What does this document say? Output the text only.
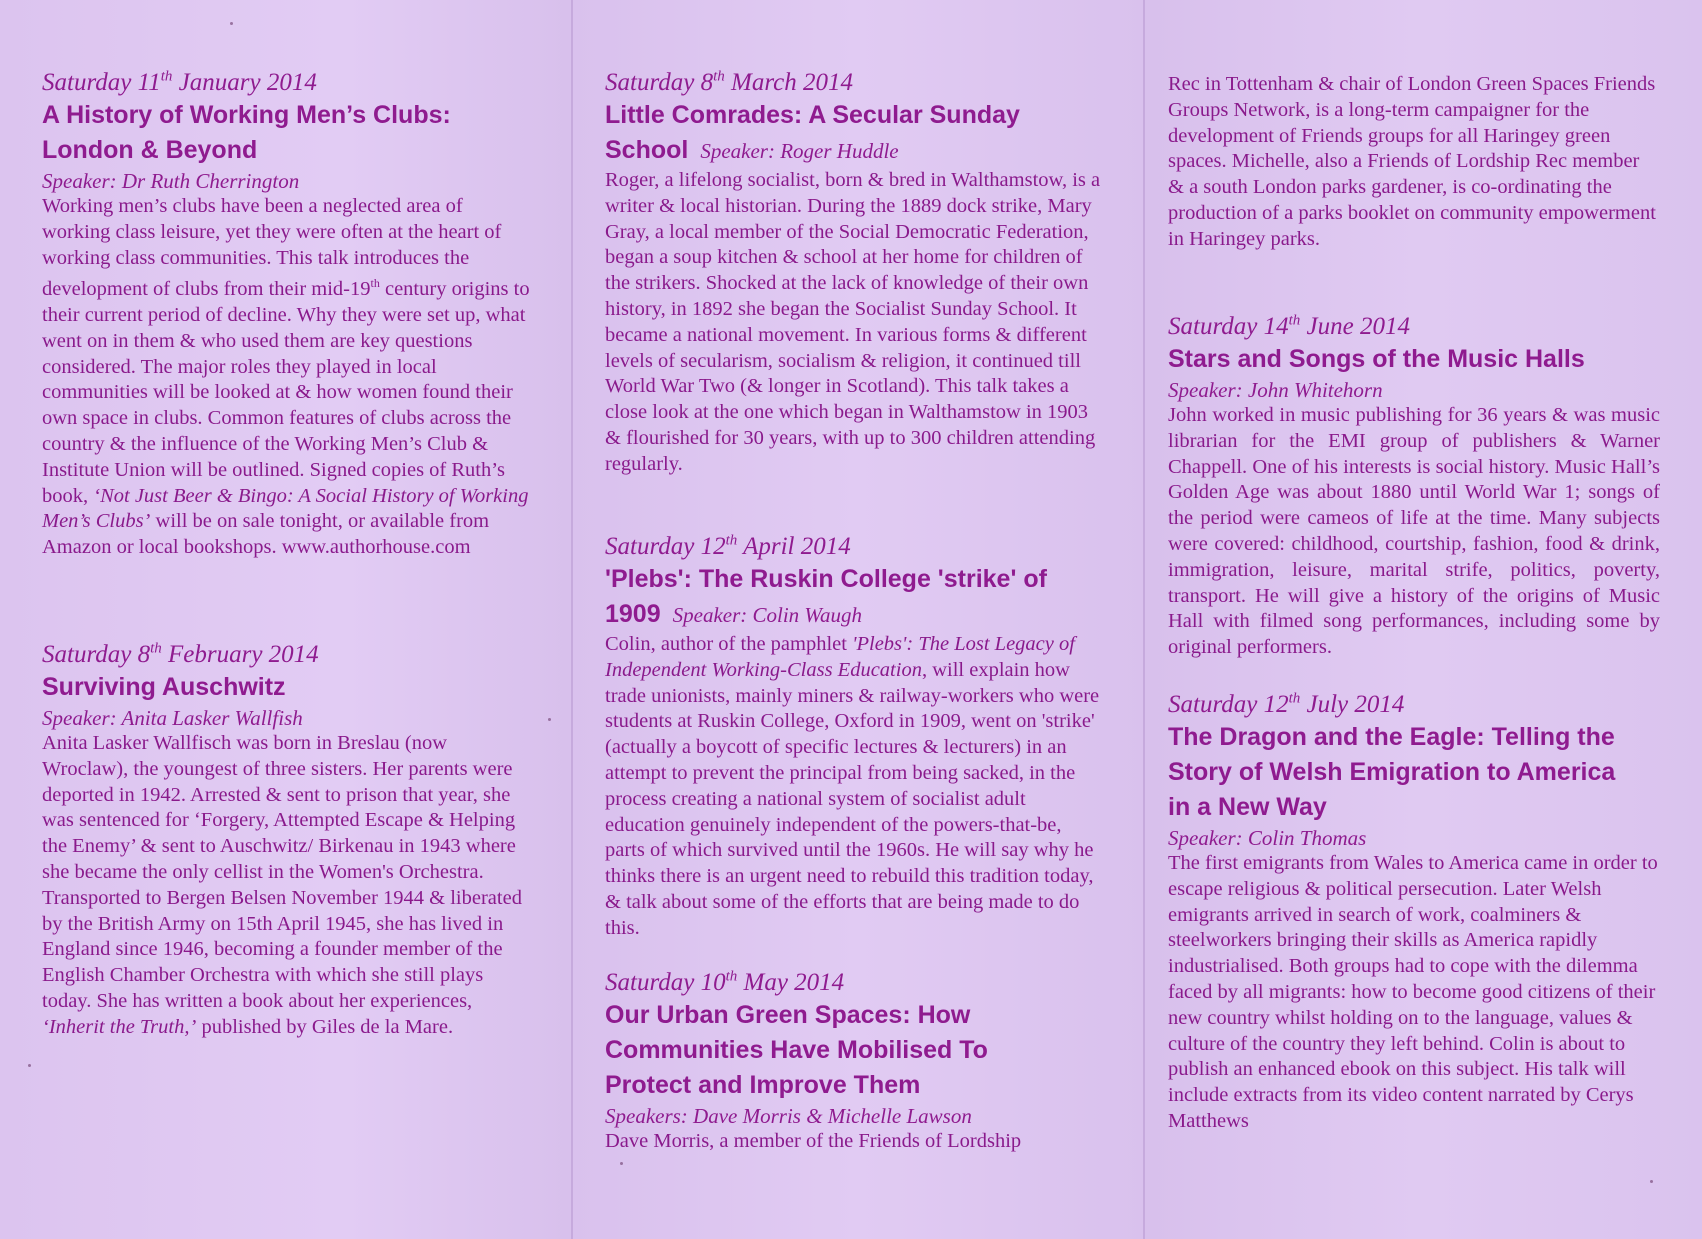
Saturday 11th January 2014

A History of Working Men’s Clubs: London & Beyond
Speaker: Dr Ruth Cherrington

Working men’s clubs have been a neglected area of working class leisure, yet they were often at the heart of working class communities. This talk introduces the development of clubs from their mid-19th century origins to their current period of decline. Why they were set up, what went on in them & who used them are key questions considered. The major roles they played in local communities will be looked at & how women found their own space in clubs. Common features of clubs across the country & the influence of the Working Men’s Club & Institute Union will be outlined. Signed copies of Ruth’s book, ‘Not Just Beer & Bingo: A Social History of Working Men’s Clubs’ will be on sale tonight, or available from Amazon or local bookshops. www.authorhouse.com

Saturday 8th February 2014

Surviving Auschwitz
Speaker: Anita Lasker Wallfish

Anita Lasker Wallfisch was born in Breslau (now Wroclaw), the youngest of three sisters. Her parents were deported in 1942. Arrested & sent to prison that year, she was sentenced for ‘Forgery, Attempted Escape & Helping the Enemy’ & sent to Auschwitz/ Birkenau in 1943 where she became the only cellist in the Women's Orchestra. Transported to Bergen Belsen November 1944 & liberated by the British Army on 15th April 1945, she has lived in England since 1946, becoming a founder member of the English Chamber Orchestra with which she still plays today. She has written a book about her experiences, ‘Inherit the Truth,’ published by Giles de la Mare.

Saturday 8th March 2014

Little Comrades: A Secular Sunday School Speaker: Roger Huddle

Roger, a lifelong socialist, born & bred in Walthamstow, is a writer & local historian. During the 1889 dock strike, Mary Gray, a local member of the Social Democratic Federation, began a soup kitchen & school at her home for children of the strikers. Shocked at the lack of knowledge of their own history, in 1892 she began the Socialist Sunday School. It became a national movement. In various forms & different levels of secularism, socialism & religion, it continued till World War Two (& longer in Scotland). This talk takes a close look at the one which began in Walthamstow in 1903 & flourished for 30 years, with up to 300 children attending regularly.

Saturday 12th April 2014

'Plebs': The Ruskin College 'strike' of 1909 Speaker: Colin Waugh

Colin, author of the pamphlet 'Plebs': The Lost Legacy of Independent Working-Class Education, will explain how trade unionists, mainly miners & railway-workers who were students at Ruskin College, Oxford in 1909, went on 'strike' (actually a boycott of specific lectures & lecturers) in an attempt to prevent the principal from being sacked, in the process creating a national system of socialist adult education genuinely independent of the powers-that-be, parts of which survived until the 1960s. He will say why he thinks there is an urgent need to rebuild this tradition today, & talk about some of the efforts that are being made to do this.

Saturday 10th May 2014

Our Urban Green Spaces: How Communities Have Mobilised To Protect and Improve Them
Speakers: Dave Morris & Michelle Lawson

Dave Morris, a member of the Friends of Lordship

Rec in Tottenham & chair of London Green Spaces Friends Groups Network, is a long-term campaigner for the development of Friends groups for all Haringey green spaces. Michelle, also a Friends of Lordship Rec member & a south London parks gardener, is co-ordinating the production of a parks booklet on community empowerment in Haringey parks.

Saturday 14th June 2014

Stars and Songs of the Music Halls
Speaker: John Whitehorn

John worked in music publishing for 36 years & was music librarian for the EMI group of publishers & Warner Chappell. One of his interests is social history. Music Hall’s Golden Age was about 1880 until World War 1; songs of the period were cameos of life at the time. Many subjects were covered: childhood, courtship, fashion, food & drink, immigration, leisure, marital strife, politics, poverty, transport. He will give a history of the origins of Music Hall with filmed song performances, including some by original performers.

Saturday 12th July 2014

The Dragon and the Eagle: Telling the Story of Welsh Emigration to America in a New Way
Speaker: Colin Thomas

The first emigrants from Wales to America came in order to escape religious & political persecution. Later Welsh emigrants arrived in search of work, coalminers & steelworkers bringing their skills as America rapidly industrialised. Both groups had to cope with the dilemma faced by all migrants: how to become good citizens of their new country whilst holding on to the language, values & culture of the country they left behind. Colin is about to publish an enhanced ebook on this subject. His talk will include extracts from its video content narrated by Cerys Matthews
